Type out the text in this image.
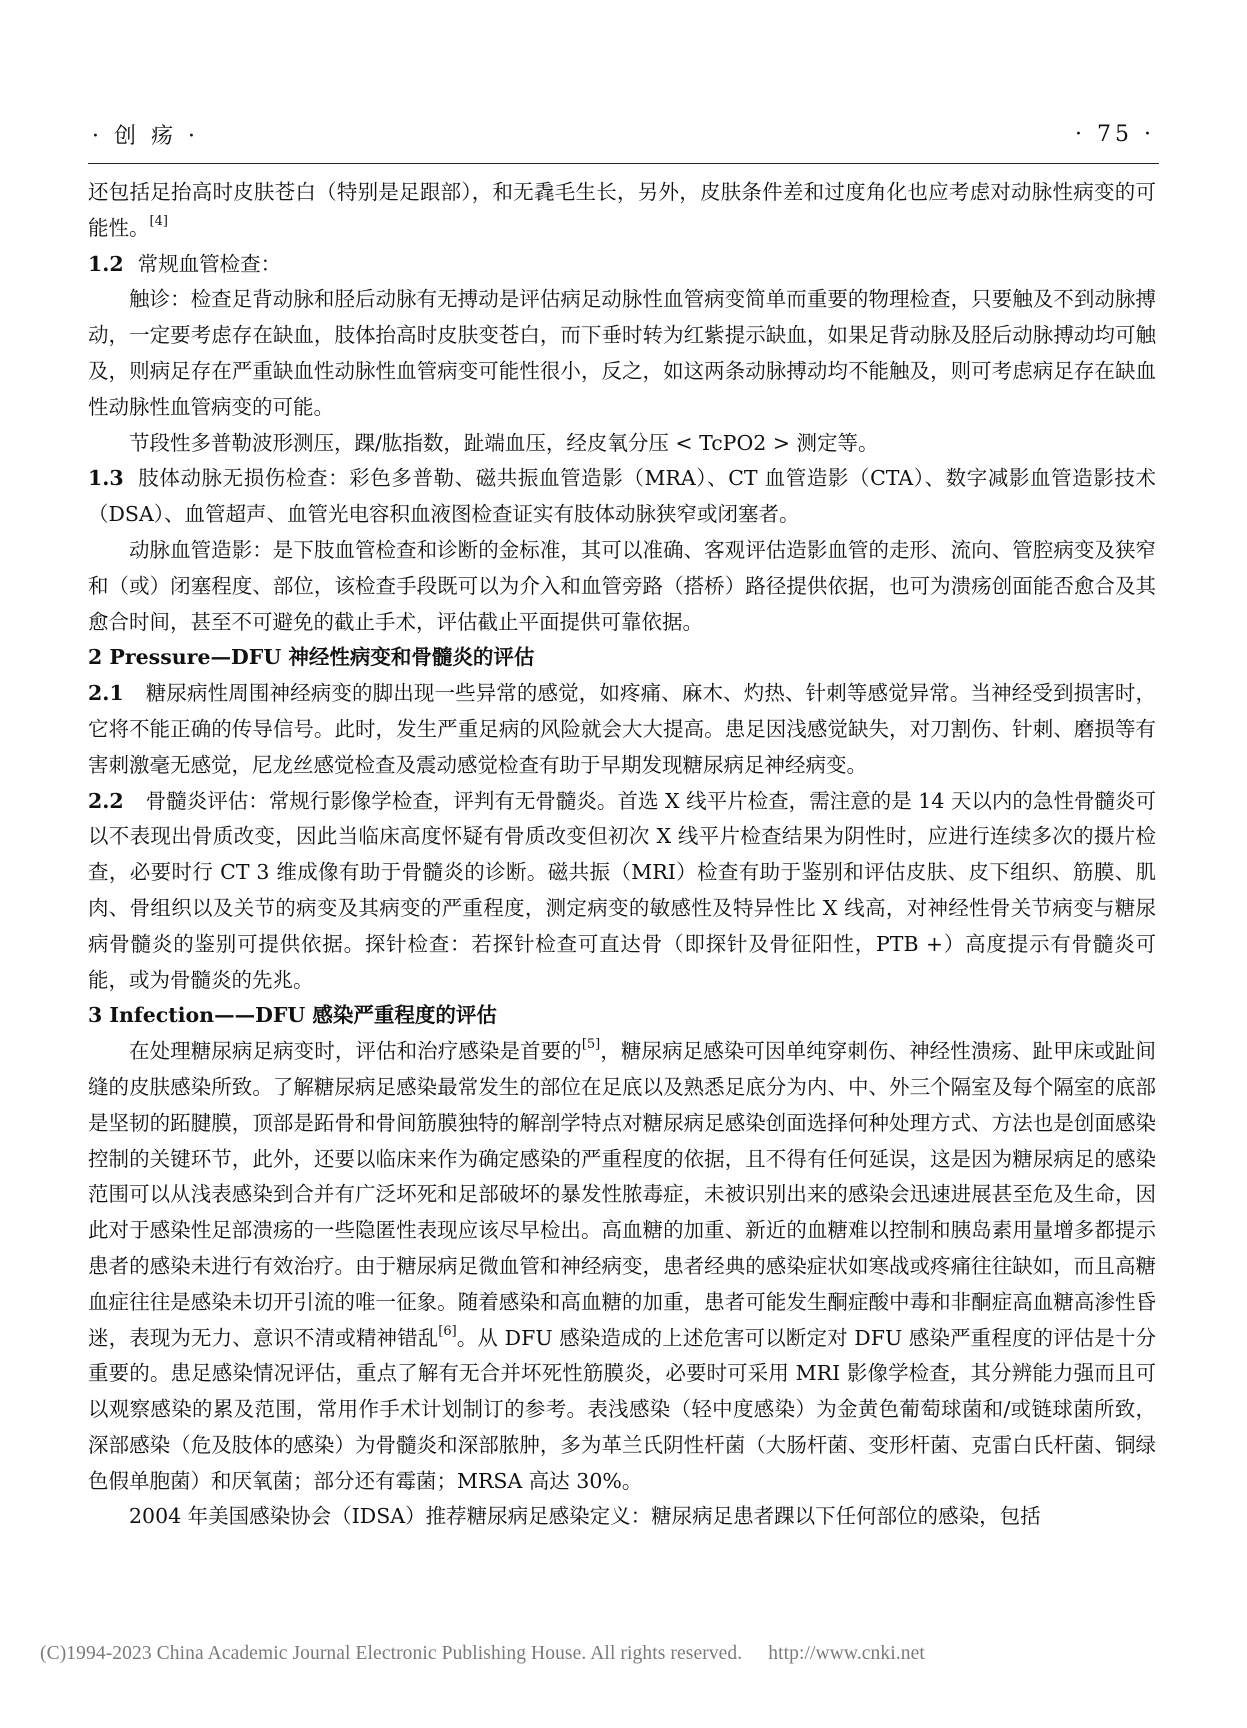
· 创 疡 ·	· 75 ·

还包括足抬高时皮肤苍白（特别是足跟部），和无毳毛生长，另外，皮肤条件差和过度角化也应考虑对动脉性病变的可能性。[4]

1.2 常规血管检查：

触诊：检查足背动脉和胫后动脉有无搏动是评估病足动脉性血管病变简单而重要的物理检查，只要触及不到动脉搏动，一定要考虑存在缺血，肢体抬高时皮肤变苍白，而下垂时转为红紫提示缺血，如果足背动脉及胫后动脉搏动均可触及，则病足存在严重缺血性动脉性血管病变可能性很小，反之，如这两条动脉搏动均不能触及，则可考虑病足存在缺血性动脉性血管病变的可能。

节段性多普勒波形测压，踝/肱指数，趾端血压，经皮氧分压 < TcPO2 > 测定等。

1.3 肢体动脉无损伤检查：彩色多普勒、磁共振血管造影（MRA）、CT 血管造影（CTA）、数字减影血管造影技术（DSA）、血管超声、血管光电容积血液图检查证实有肢体动脉狭窄或闭塞者。

动脉血管造影：是下肢血管检查和诊断的金标准，其可以准确、客观评估造影血管的走形、流向、管腔病变及狭窄和（或）闭塞程度、部位，该检查手段既可以为介入和血管旁路（搭桥）路径提供依据，也可为溃疡创面能否愈合及其愈合时间，甚至不可避免的截止手术，评估截止平面提供可靠依据。

2 Pressure—DFU 神经性病变和骨髓炎的评估

2.1 糖尿病性周围神经病变的脚出现一些异常的感觉，如疼痛、麻木、灼热、针刺等感觉异常。当神经受到损害时，它将不能正确的传导信号。此时，发生严重足病的风险就会大大提高。患足因浅感觉缺失，对刀割伤、针刺、磨损等有害刺激毫无感觉，尼龙丝感觉检查及震动感觉检查有助于早期发现糖尿病足神经病变。

2.2 骨髓炎评估：常规行影像学检查，评判有无骨髓炎。首选 X 线平片检查，需注意的是 14 天以内的急性骨髓炎可以不表现出骨质改变，因此当临床高度怀疑有骨质改变但初次 X 线平片检查结果为阴性时，应进行连续多次的摄片检查，必要时行 CT 3 维成像有助于骨髓炎的诊断。磁共振（MRI）检查有助于鉴别和评估皮肤、皮下组织、筋膜、肌肉、骨组织以及关节的病变及其病变的严重程度，测定病变的敏感性及特异性比 X 线高，对神经性骨关节病变与糖尿病骨髓炎的鉴别可提供依据。探针检查：若探针检查可直达骨（即探针及骨征阳性，PTB +）高度提示有骨髓炎可能，或为骨髓炎的先兆。

3 Infection——DFU 感染严重程度的评估

在处理糖尿病足病变时，评估和治疗感染是首要的[5]，糖尿病足感染可因单纯穿刺伤、神经性溃疡、趾甲床或趾间缝的皮肤感染所致。了解糖尿病足感染最常发生的部位在足底以及熟悉足底分为内、中、外三个隔室及每个隔室的底部是坚韧的跖腱膜，顶部是跖骨和骨间筋膜独特的解剖学特点对糖尿病足感染创面选择何种处理方式、方法也是创面感染控制的关键环节，此外，还要以临床来作为确定感染的严重程度的依据，且不得有任何延误，这是因为糖尿病足的感染范围可以从浅表感染到合并有广泛坏死和足部破坏的暴发性脓毒症，未被识别出来的感染会迅速进展甚至危及生命，因此对于感染性足部溃疡的一些隐匿性表现应该尽早检出。高血糖的加重、新近的血糖难以控制和胰岛素用量增多都提示患者的感染未进行有效治疗。由于糖尿病足微血管和神经病变，患者经典的感染症状如寒战或疼痛往往缺如，而且高糖血症往往是感染未切开引流的唯一征象。随着感染和高血糖的加重，患者可能发生酮症酸中毒和非酮症高血糖高渗性昏迷，表现为无力、意识不清或精神错乱[6]。从 DFU 感染造成的上述危害可以断定对 DFU 感染严重程度的评估是十分重要的。患足感染情况评估，重点了解有无合并坏死性筋膜炎，必要时可采用 MRI 影像学检查，其分辨能力强而且可以观察感染的累及范围，常用作手术计划制订的参考。表浅感染（轻中度感染）为金黄色葡萄球菌和/或链球菌所致，深部感染（危及肢体的感染）为骨髓炎和深部脓肿，多为革兰氏阴性杆菌（大肠杆菌、变形杆菌、克雷白氏杆菌、铜绿色假单胞菌）和厌氧菌；部分还有霉菌；MRSA 高达 30%。

2004 年美国感染协会（IDSA）推荐糖尿病足感染定义：糖尿病足患者踝以下任何部位的感染，包括

(C)1994-2023 China Academic Journal Electronic Publishing House. All rights reserved. http://www.cnki.net
